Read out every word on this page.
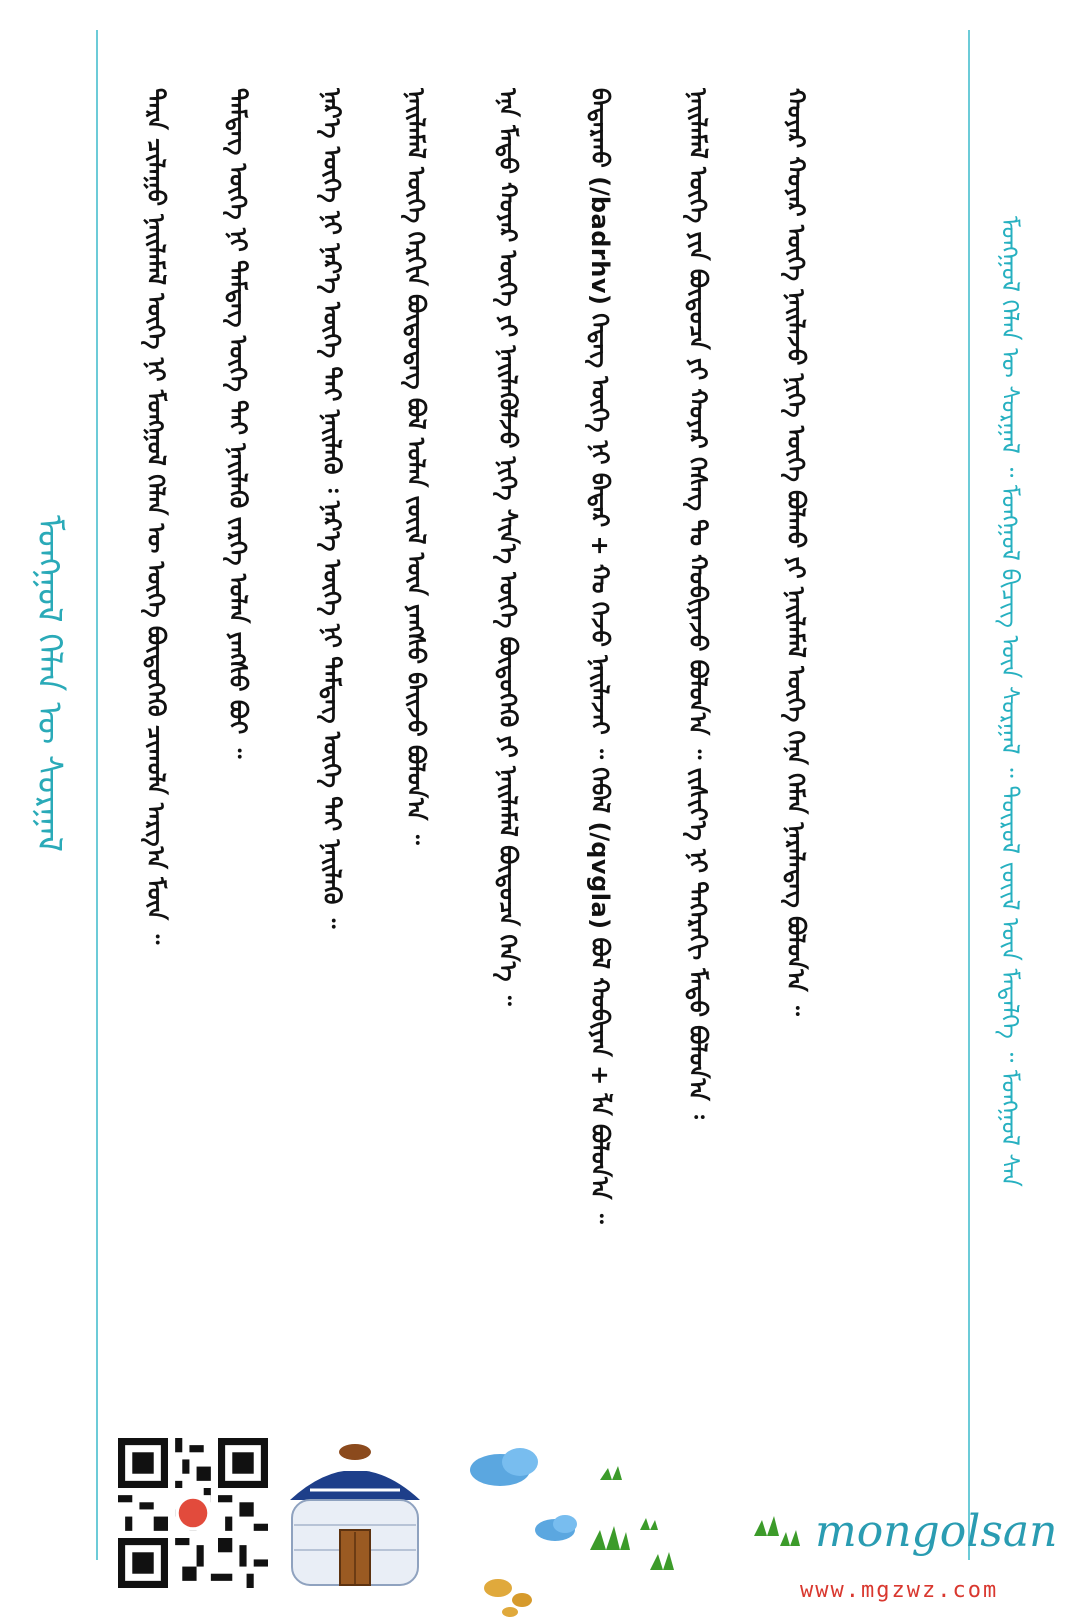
ᠮᠣᠩᠭᠣᠯ ᠬᠡᠯᠡᠨ ᠦ ᠰᠤᠷᠭᠠᠯ	ᠲᠡᠷᠡ ᠴᠢᠯᠠᠭᠤ ᠨᠡᠢᠯᠡᠮᠡᠯ ᠦᠭᠡ ᠨᠢ ᠮᠣᠩᠭᠣᠯ ᠬᠡᠯᠡᠨ ᠦ ᠦᠭᠡ ᠪᠦᠲᠦᠭᠡᠬᠦ ᠴᠢᠬᠤᠯᠠ ᠠᠷᠭ᠎ᠠ ᠮᠥᠨ ᠃	ᠲᠡᠮᠳᠡᠭ ᠦᠭᠡ ᠨᠢ ᠲᠡᠮᠳᠡᠭ ᠦᠭᠡ ᠲᠡᠢ ᠨᠡᠢᠯᠡᠬᠦ ᠵᠡᠷᠭᠡ ᠣᠯᠠᠨ ᠶᠠᠩᠰᠤ ᠪᠤᠢ ᠃	ᠨᠡᠷ᠎ᠡ ᠦᠭᠡ ᠨᠢ ᠨᠡᠷ᠎ᠡ ᠦᠭᠡ ᠲᠡᠢ ᠨᠡᠢᠯᠡᠬᠦ ᠄ ᠨᠡᠷ᠎ᠡ ᠦᠭᠡ ᠨᠢ ᠲᠡᠮᠳᠡᠭ ᠦᠭᠡ ᠲᠡᠢ ᠨᠡᠢᠯᠡᠬᠦ ᠃	ᠨᠡᠢᠯᠡᠮᠡᠯ ᠦᠭᠡ ᠬᠡᠷᠬᠢᠨ ᠪᠦᠲᠦᠳᠡᠭ ᠪᠣᠯ ᠣᠯᠠᠨ ᠵᠦᠢᠯ ᠦᠨ ᠶᠠᠩᠰᠤ ᠪᠠᠢᠵᠤ ᠪᠣᠯᠤᠨ᠎ᠠ ᠃	ᠡᠨᠡ ᠮᠡᠲᠦ ᠬᠣᠶᠠᠷ ᠦᠭᠡ ᠶᠢ ᠨᠡᠢᠯᠡᠭᠦᠯᠵᠦ ᠨᠢᠭᠡ ᠰᠢᠨ᠎ᠡ ᠦᠭᠡ ᠪᠦᠲᠦᠭᠡᠬᠦ ᠶᠢ ᠨᠡᠢᠯᠡᠮᠡᠯ ᠪᠦᠲᠦᠴᠡ ᠭᠡᠨ᠎ᠡ ᠃	ᠪᠠᠳᠠᠷᠬᠤ (/badrhv) ᠭᠡᠳᠡᠭ ᠦᠭᠡ ᠨᠢ ᠪᠠᠳᠠᠷ + ᠬᠤ ᠭᠡᠵᠦ ᠨᠡᠢᠯᠡᠵᠡᠢ ᠃ ᠬᠡᠪᠡᠯ (/qvgla) ᠪᠣᠯ ᠬᠤᠪᠢᠶᠠᠨ + ᠯᠠ ᠪᠣᠯᠤᠨ᠎ᠠ ᠃	ᠨᠡᠢᠯᠡᠮᠡᠯ ᠦᠭᠡ ᠶᠢᠨ ᠪᠦᠲᠦᠴᠡ ᠶᠢ ᠬᠣᠶᠠᠷ ᠬᠡᠰᠡᠭ ᠲᠤ ᠬᠤᠪᠢᠶᠠᠵᠤ ᠪᠣᠯᠤᠨ᠎ᠠ ᠃ ᠵᠢᠱᠢᠶ᠎ᠡ ᠨᠢ ᠳᠡᠭᠡᠷᠡᠬᠢ ᠮᠡᠲᠦ ᠪᠣᠯᠤᠨ᠎ᠠ ᠄	ᠬᠣᠶᠠᠷ ᠬᠣᠶᠠᠷ ᠦᠭᠡ ᠨᠡᠢᠯᠡᠵᠦ ᠨᠢᠭᠡ ᠦᠭᠡ ᠪᠣᠯᠬᠤ ᠶᠢ ᠨᠡᠢᠯᠡᠮᠡᠯ ᠦᠭᠡ ᠭᠡᠨᠡ ᠬᠡᠮᠡᠨ ᠨᠡᠷᠡᠯᠡᠳᠡᠭ ᠪᠣᠯᠤᠨ᠎ᠠ ᠃	ᠮᠣᠩᠭᠣᠯ ᠬᠡᠯᠡᠨ ᠦ ᠰᠤᠷᠭᠠᠯ ᠃ ᠮᠣᠩᠭᠣᠯ ᠪᠢᠴᠢᠭ ᠦᠨ ᠰᠤᠷᠭᠠᠯ ᠃ ᠲᠦᠷᠦᠯ ᠵᠦᠢᠯ ᠦᠨ ᠮᠡᠳᠡᠯᠭᠡ ᠃ ᠮᠣᠩᠭᠣᠯ ᠰᠠᠨ
mongolsan
www.mgzwz.com
